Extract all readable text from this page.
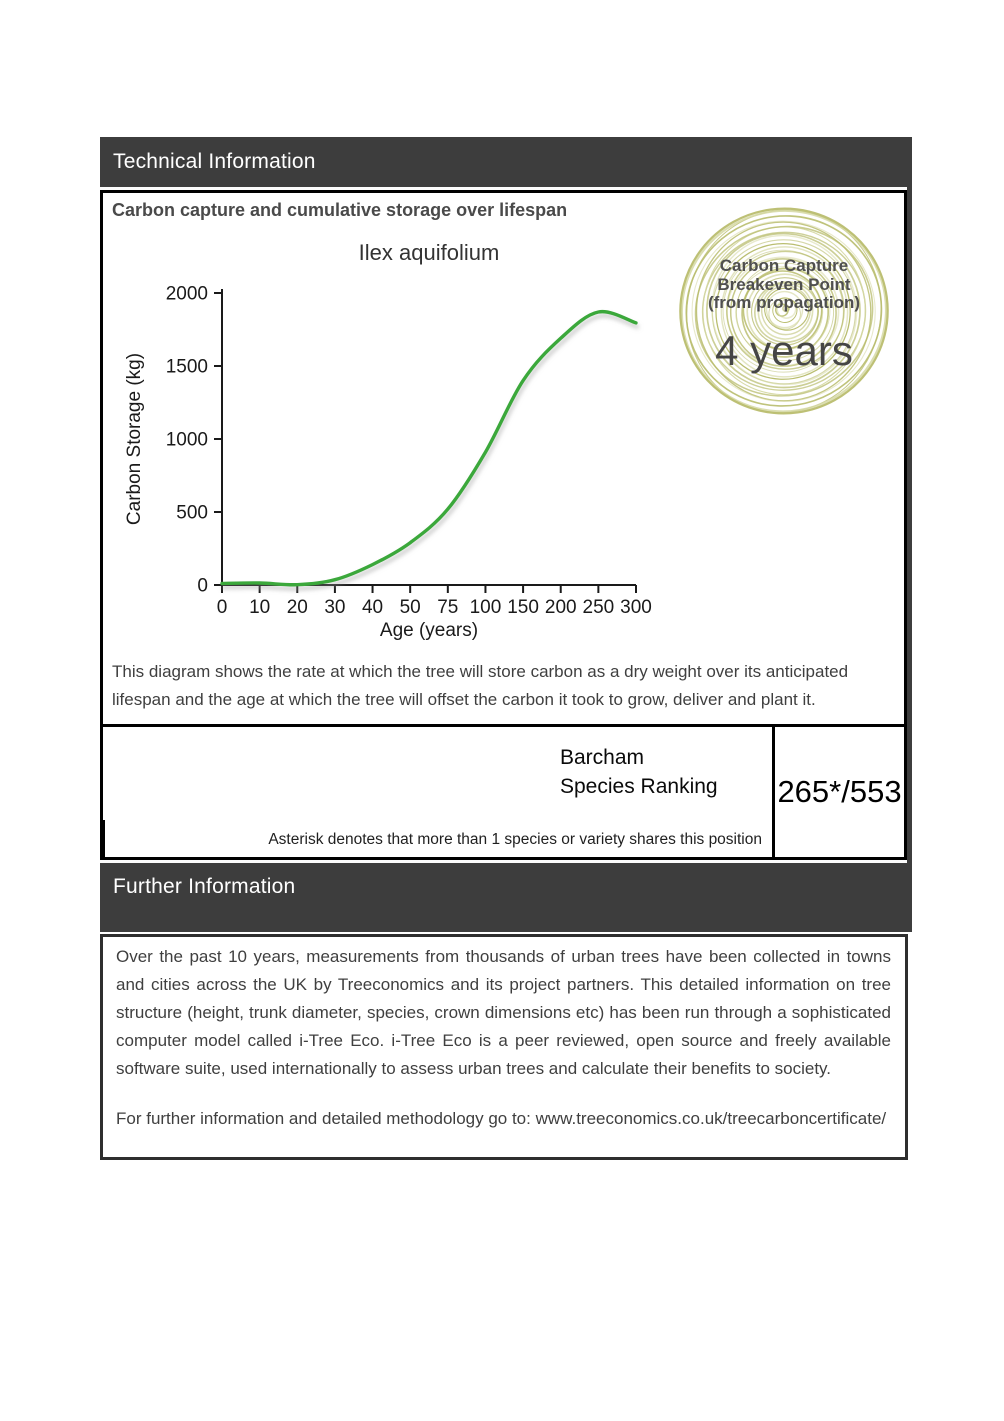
Technical Information
Carbon capture and cumulative storage over lifespan
0
500
1000
1500
2000
0 10 20 30 40 50 75 100 150 200 250 300
Age (years)
Carbon Storage (kg)
Ilex aquifolium
Carbon Capture
Breakeven Point
(from propagation)
4 years
This diagram shows the rate at which the tree will store carbon as a dry weight over its anticipated
lifespan and the age at which the tree will offset the carbon it took to grow, deliver and plant it.
Barcham
Species Ranking
Asterisk denotes that more than 1 species or variety shares this position
265*/553
Further Information

Over the past 10 years, measurements from thousands of urban trees have been collected in towns and cities across the UK by Treeconomics and its project partners. This detailed information on tree structure (height, trunk diameter, species, crown dimensions etc) has been run through a sophisticated computer model called i-Tree Eco. i-Tree Eco is a peer reviewed, open source and freely available software suite, used internationally to assess urban trees and calculate their benefits to society.

For further information and detailed methodology go to: www.treeconomics.co.uk/treecarboncertificate/
